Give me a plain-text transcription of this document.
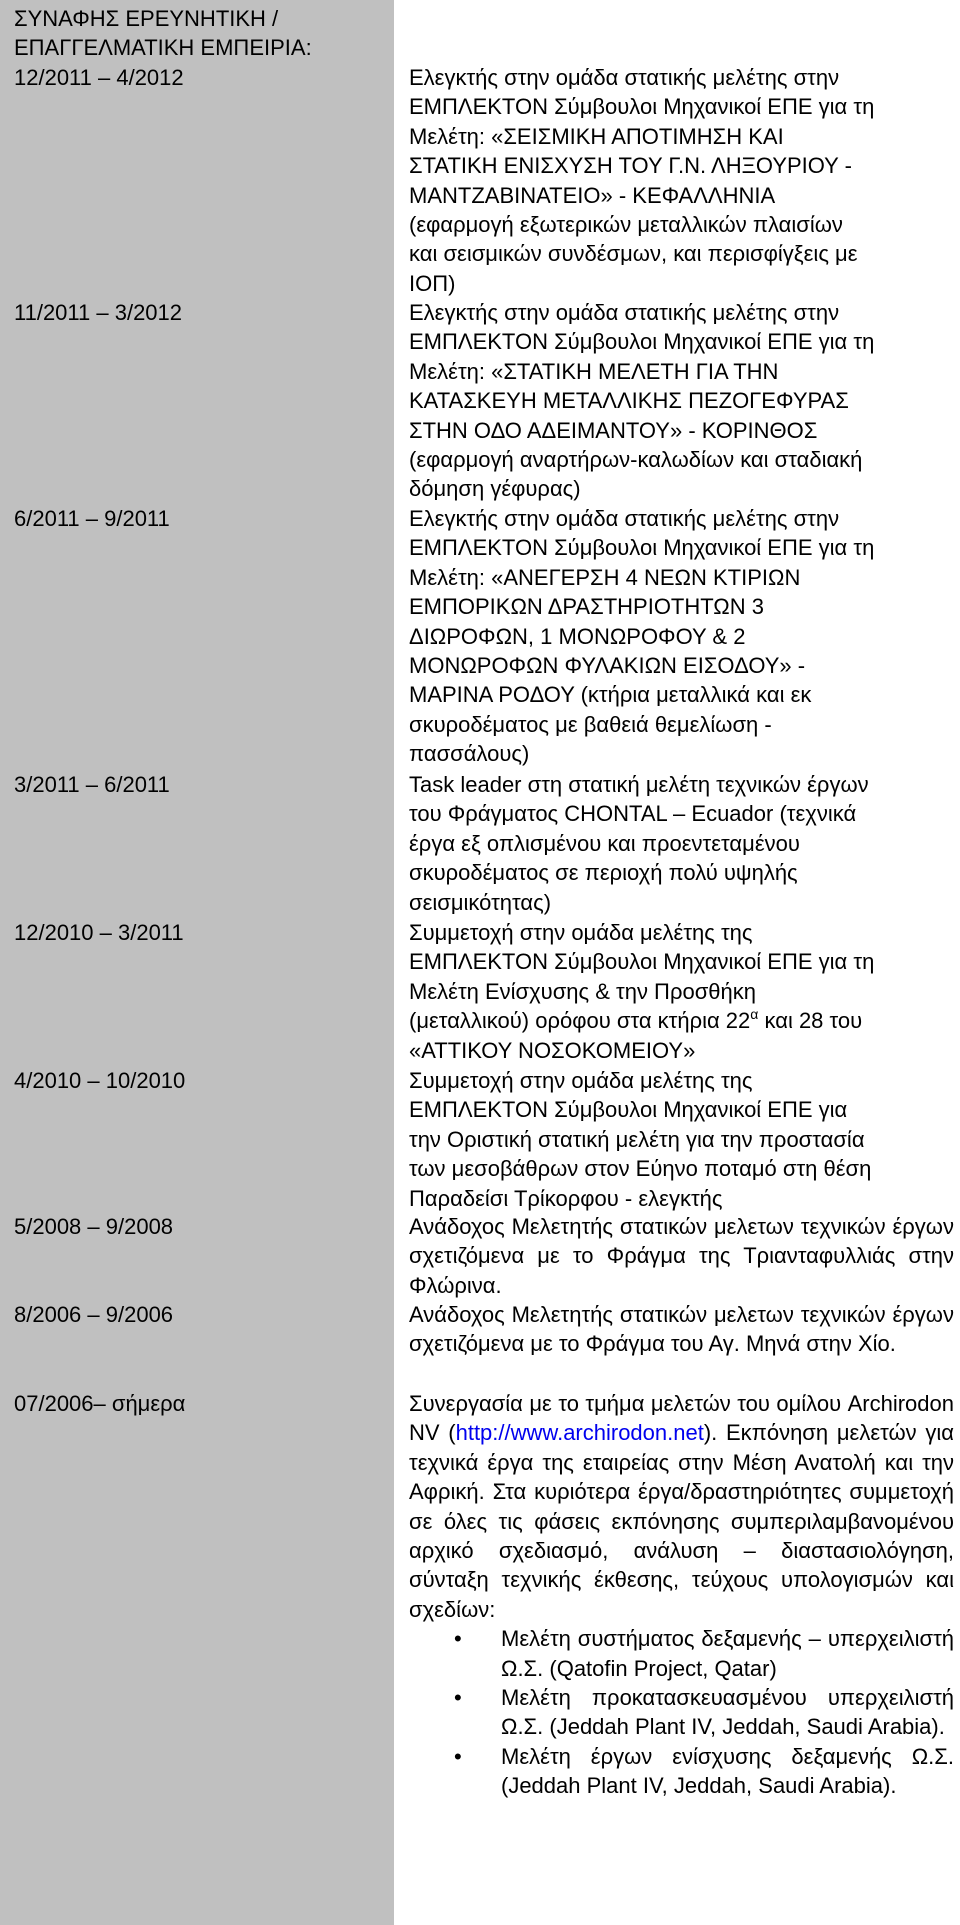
ΣΥΝΑΦΗΣ ΕΡΕΥΝΗΤΙΚΗ /
ΕΠΑΓΓΕΛΜΑΤΙΚΗ ΕΜΠΕΙΡΙΑ:
12/2011 – 4/2012	Ελεγκτής στην ομάδα στατικής μελέτης στην
ΕΜΠΛΕΚΤΟΝ Σύμβουλοι Μηχανικοί ΕΠΕ για τη
Μελέτη: «ΣΕΙΣΜΙΚΗ ΑΠΟΤΙΜΗΣΗ ΚΑΙ
ΣΤΑΤΙΚΗ ΕΝΙΣΧΥΣΗ ΤΟΥ Γ.Ν. ΛΗΞΟΥΡΙΟΥ -
ΜΑΝΤΖΑΒΙΝΑΤΕΙΟ» - ΚΕΦΑΛΛΗΝΙΑ
(εφαρμογή εξωτερικών μεταλλικών πλαισίων
και σεισμικών συνδέσμων, και περισφίγξεις με
ΙΟΠ)
11/2011 – 3/2012	Ελεγκτής στην ομάδα στατικής μελέτης στην
ΕΜΠΛΕΚΤΟΝ Σύμβουλοι Μηχανικοί ΕΠΕ για τη
Μελέτη: «ΣΤΑΤΙΚΗ ΜΕΛΕΤΗ ΓΙΑ ΤΗΝ
ΚΑΤΑΣΚΕΥΗ ΜΕΤΑΛΛΙΚΗΣ ΠΕΖΟΓΕΦΥΡΑΣ
ΣΤΗΝ ΟΔΟ ΑΔΕΙΜΑΝΤΟΥ» - ΚΟΡΙΝΘΟΣ
(εφαρμογή αναρτήρων-καλωδίων και σταδιακή
δόμηση γέφυρας)
6/2011 – 9/2011	Ελεγκτής στην ομάδα στατικής μελέτης στην
ΕΜΠΛΕΚΤΟΝ Σύμβουλοι Μηχανικοί ΕΠΕ για τη
Μελέτη: «ΑΝΕΓΕΡΣΗ 4 ΝΕΩΝ ΚΤΙΡΙΩΝ
ΕΜΠΟΡΙΚΩΝ ΔΡΑΣΤΗΡΙΟΤΗΤΩΝ 3
ΔΙΩΡΟΦΩΝ, 1 ΜΟΝΩΡΟΦΟΥ & 2
ΜΟΝΩΡΟΦΩΝ ΦΥΛΑΚΙΩΝ ΕΙΣΟΔΟΥ» -
ΜΑΡΙΝΑ ΡΟΔΟΥ (κτήρια μεταλλικά και εκ
σκυροδέματος με βαθειά θεμελίωση -
πασσάλους)
3/2011 – 6/2011	Task leader στη στατική μελέτη τεχνικών έργων
του Φράγματος CHONTAL – Ecuador (τεχνικά
έργα εξ οπλισμένου και προεντεταμένου
σκυροδέματος σε περιοχή πολύ υψηλής
σεισμικότητας)
12/2010 – 3/2011	Συμμετοχή στην ομάδα μελέτης της
ΕΜΠΛΕΚΤΟΝ Σύμβουλοι Μηχανικοί ΕΠΕ για τη
Μελέτη Ενίσχυσης & την Προσθήκη
(μεταλλικού) ορόφου στα κτήρια $22^\alpha$ και 28 του
«ΑΤΤΙΚΟΥ ΝΟΣΟΚΟΜΕΙΟΥ»
4/2010 – 10/2010	Συμμετοχή στην ομάδα μελέτης της
ΕΜΠΛΕΚΤΟΝ Σύμβουλοι Μηχανικοί ΕΠΕ για
την Οριστική στατική μελέτη για την προστασία
των μεσοβάθρων στον Εύηνο ποταμό στη θέση
Παραδείσι Τρίκορφου - ελεγκτής
5/2008 – 9/2008	Ανάδοχος Μελετητής στατικών μελετων τεχνικών έργων σχετιζόμενα με το Φράγμα της Τριανταφυλλιάς στην Φλώρινα.
8/2006 – 9/2006	Ανάδοχος Μελετητής στατικών μελετων τεχνικών έργων σχετιζόμενα με το Φράγμα του Αγ. Μηνά στην Χίο.
07/2006– σήμερα	Συνεργασία με το τμήμα μελετών του ομίλου Archirodon NV (http://www.archirodon.net). Εκπόνηση μελετών για τεχνικά έργα της εταιρείας στην Μέση Ανατολή και την Αφρική. Στα κυριότερα έργα/δραστηριότητες συμμετοχή σε όλες τις φάσεις εκπόνησης συμπεριλαμβανομένου αρχικό σχεδιασμό, ανάλυση – διαστασιολόγηση, σύνταξη τεχνικής έκθεσης, τεύχους υπολογισμών και σχεδίων:
• Μελέτη συστήματος δεξαμενής – υπερχειλιστή Ω.Σ. (Qatofin Project, Qatar)
• Μελέτη προκατασκευασμένου υπερχειλιστή Ω.Σ. (Jeddah Plant IV, Jeddah, Saudi Arabia).
• Μελέτη έργων ενίσχυσης δεξαμενής Ω.Σ. (Jeddah Plant IV, Jeddah, Saudi Arabia).
